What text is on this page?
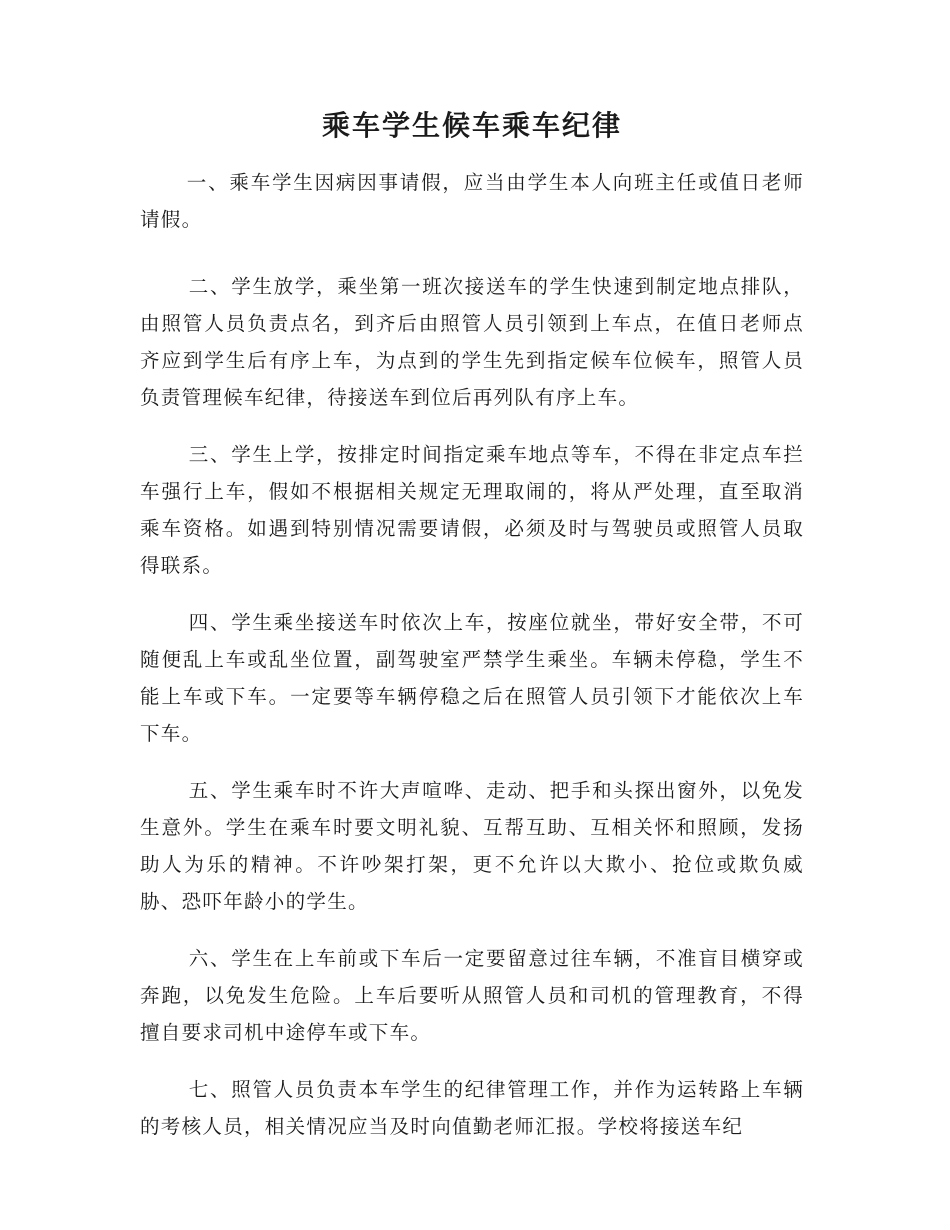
乘车学生候车乘车纪律

一、乘车学生因病因事请假，应当由学生本人向班主任或值日老师请假。

二、学生放学，乘坐第一班次接送车的学生快速到制定地点排队，由照管人员负责点名，到齐后由照管人员引领到上车点，在值日老师点齐应到学生后有序上车，为点到的学生先到指定候车位候车，照管人员负责管理候车纪律，待接送车到位后再列队有序上车。

三、学生上学，按排定时间指定乘车地点等车，不得在非定点车拦车强行上车，假如不根据相关规定无理取闹的，将从严处理，直至取消乘车资格。如遇到特别情况需要请假，必须及时与驾驶员或照管人员取得联系。

四、学生乘坐接送车时依次上车，按座位就坐，带好安全带，不可随便乱上车或乱坐位置，副驾驶室严禁学生乘坐。车辆未停稳，学生不能上车或下车。一定要等车辆停稳之后在照管人员引领下才能依次上车下车。

五、学生乘车时不许大声喧哗、走动、把手和头探出窗外，以免发生意外。学生在乘车时要文明礼貌、互帮互助、互相关怀和照顾，发扬助人为乐的精神。不许吵架打架，更不允许以大欺小、抢位或欺负威胁、恐吓年龄小的学生。

六、学生在上车前或下车后一定要留意过往车辆，不准盲目横穿或奔跑，以免发生危险。上车后要听从照管人员和司机的管理教育，不得擅自要求司机中途停车或下车。

七、照管人员负责本车学生的纪律管理工作，并作为运转路上车辆的考核人员，相关情况应当及时向值勤老师汇报。学校将接送车纪
